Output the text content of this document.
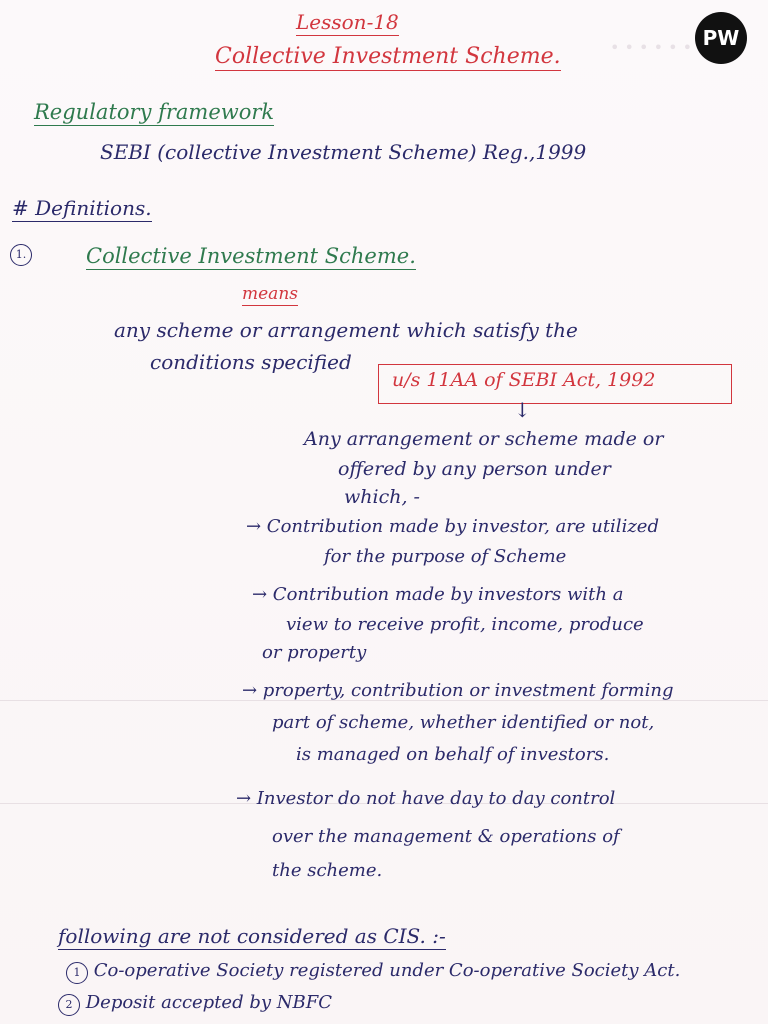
• • • • • • PW
Lesson-18
Collective Investment Scheme.
Regulatory framework
SEBI (collective Investment Scheme) Reg.,1999
# Definitions.
1.	Collective Investment Scheme.
means
any scheme or arrangement which satisfy the
conditions specified
u/s 11AA of SEBI Act, 1992
↓
Any arrangement or scheme made or
offered by any person under
which, -
→ Contribution made by investor, are utilized
for the purpose of Scheme
→ Contribution made by investors with a
view to receive profit, income, produce
or property
→ property, contribution or investment forming
part of scheme, whether identified or not,
is managed on behalf of investors.
→ Investor do not have day to day control
over the management & operations of
the scheme.
following are not considered as CIS. :-
1 Co-operative Society registered under Co-operative Society Act.
2 Deposit accepted by NBFC
